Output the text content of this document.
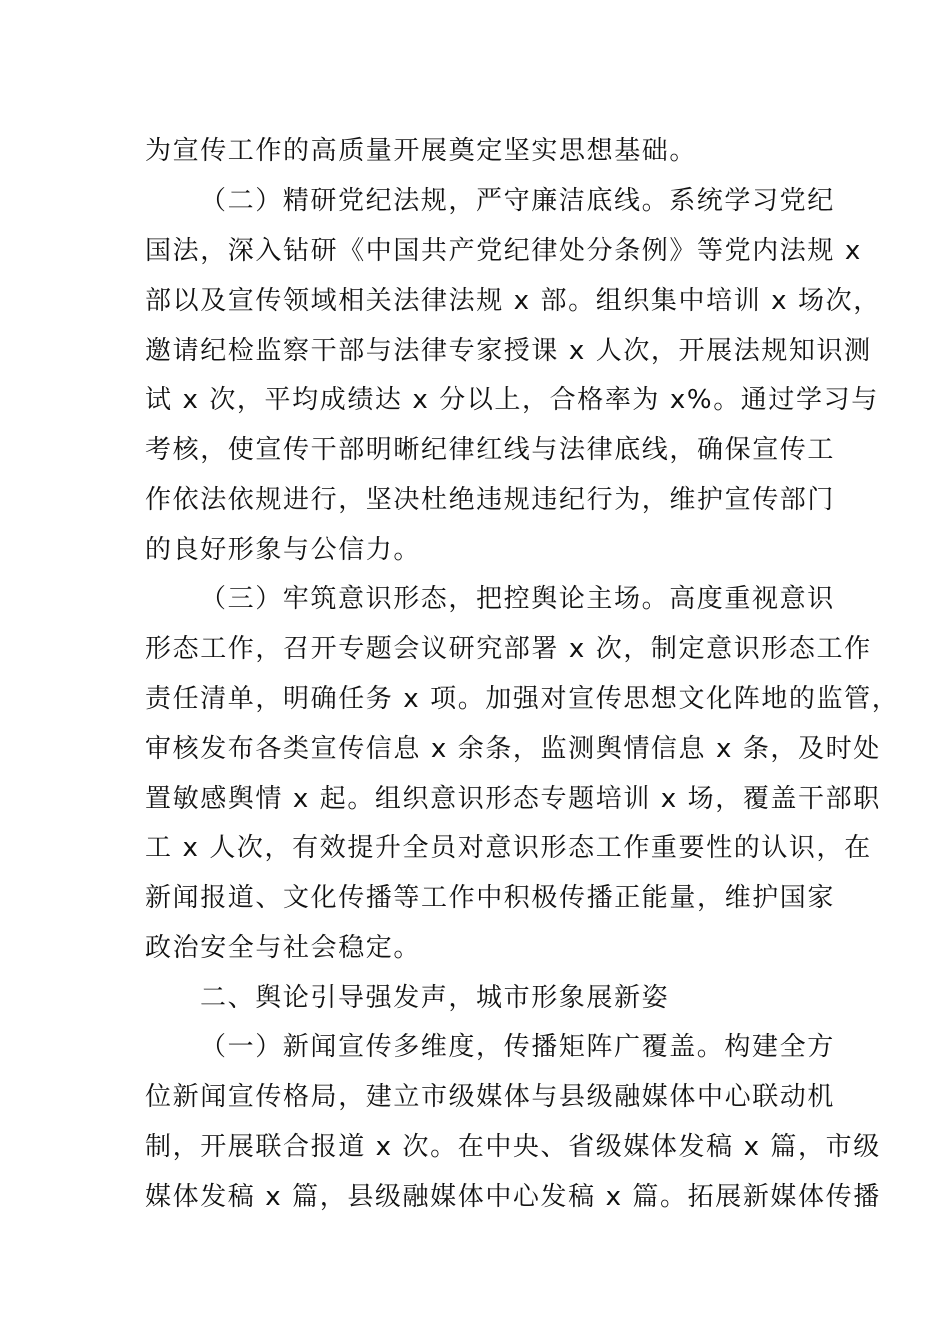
为宣传工作的高质量开展奠定坚实思想基础。
（二）精研党纪法规，严守廉洁底线。系统学习党纪
国法，深入钻研《中国共产党纪律处分条例》等党内法规 x
部以及宣传领域相关法律法规 x 部。组织集中培训 x 场次，
邀请纪检监察干部与法律专家授课 x 人次，开展法规知识测
试 x 次，平均成绩达 x 分以上，合格率为 x%。通过学习与
考核，使宣传干部明晰纪律红线与法律底线，确保宣传工
作依法依规进行，坚决杜绝违规违纪行为，维护宣传部门
的良好形象与公信力。
（三）牢筑意识形态，把控舆论主场。高度重视意识
形态工作，召开专题会议研究部署 x 次，制定意识形态工作
责任清单，明确任务 x 项。加强对宣传思想文化阵地的监管，
审核发布各类宣传信息 x 余条，监测舆情信息 x 条，及时处
置敏感舆情 x 起。组织意识形态专题培训 x 场，覆盖干部职
工 x 人次，有效提升全员对意识形态工作重要性的认识，在
新闻报道、文化传播等工作中积极传播正能量，维护国家
政治安全与社会稳定。
二、舆论引导强发声，城市形象展新姿
（一）新闻宣传多维度，传播矩阵广覆盖。构建全方
位新闻宣传格局，建立市级媒体与县级融媒体中心联动机
制，开展联合报道 x 次。在中央、省级媒体发稿 x 篇，市级
媒体发稿 x 篇，县级融媒体中心发稿 x 篇。拓展新媒体传播
